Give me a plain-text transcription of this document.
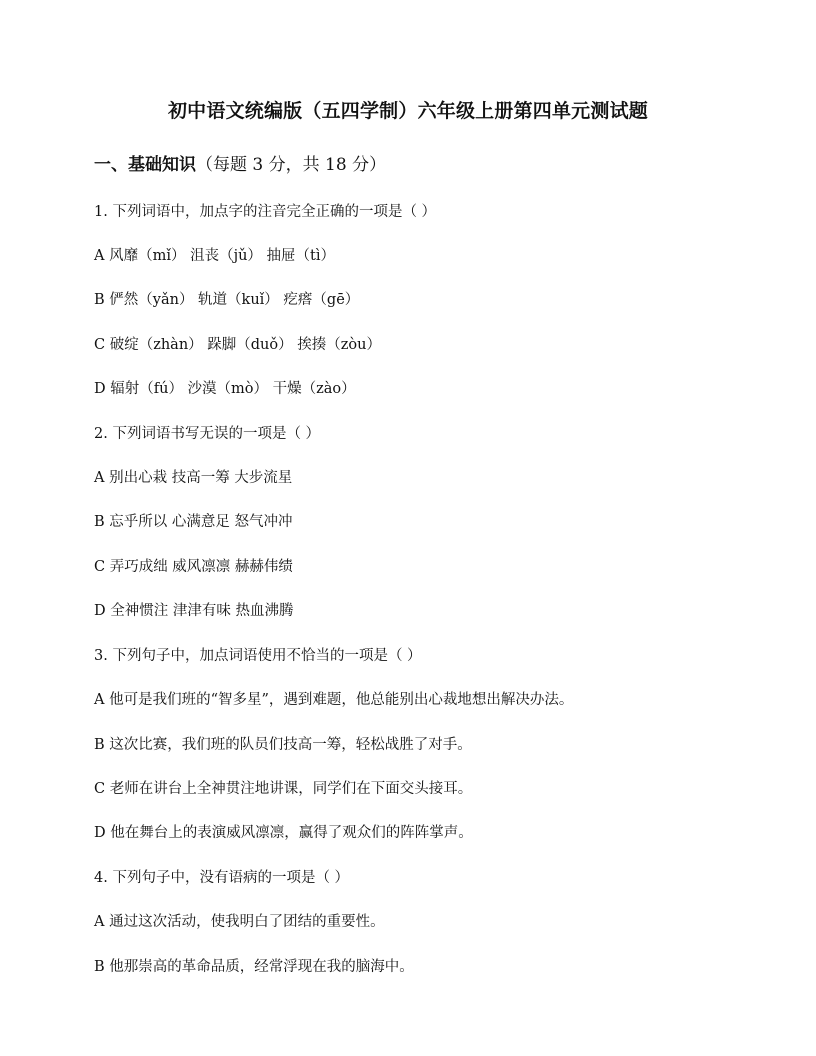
初中语文统编版（五四学制）六年级上册第四单元测试题
一、基础知识（每题 3 分，共 18 分）
1. 下列词语中，加点字的注音完全正确的一项是（ ）
A 风靡（mǐ） 沮丧（jǔ） 抽屉（tì）
B 俨然（yǎn） 轨道（kuǐ） 疙瘩（gē）
C 破绽（zhàn） 跺脚（duǒ） 挨揍（zòu）
D 辐射（fú） 沙漠（mò） 干燥（zào）
2. 下列词语书写无误的一项是（ ）
A 别出心栽 技高一筹 大步流星
B 忘乎所以 心满意足 怒气冲冲
C 弄巧成绌 威风凛凛 赫赫伟绩
D 全神惯注 津津有味 热血沸腾
3. 下列句子中，加点词语使用不恰当的一项是（ ）
A 他可是我们班的“智多星”，遇到难题，他总能别出心裁地想出解决办法。
B 这次比赛，我们班的队员们技高一筹，轻松战胜了对手。
C 老师在讲台上全神贯注地讲课，同学们在下面交头接耳。
D 他在舞台上的表演威风凛凛，赢得了观众们的阵阵掌声。
4. 下列句子中，没有语病的一项是（ ）
A 通过这次活动，使我明白了团结的重要性。
B 他那崇高的革命品质，经常浮现在我的脑海中。
